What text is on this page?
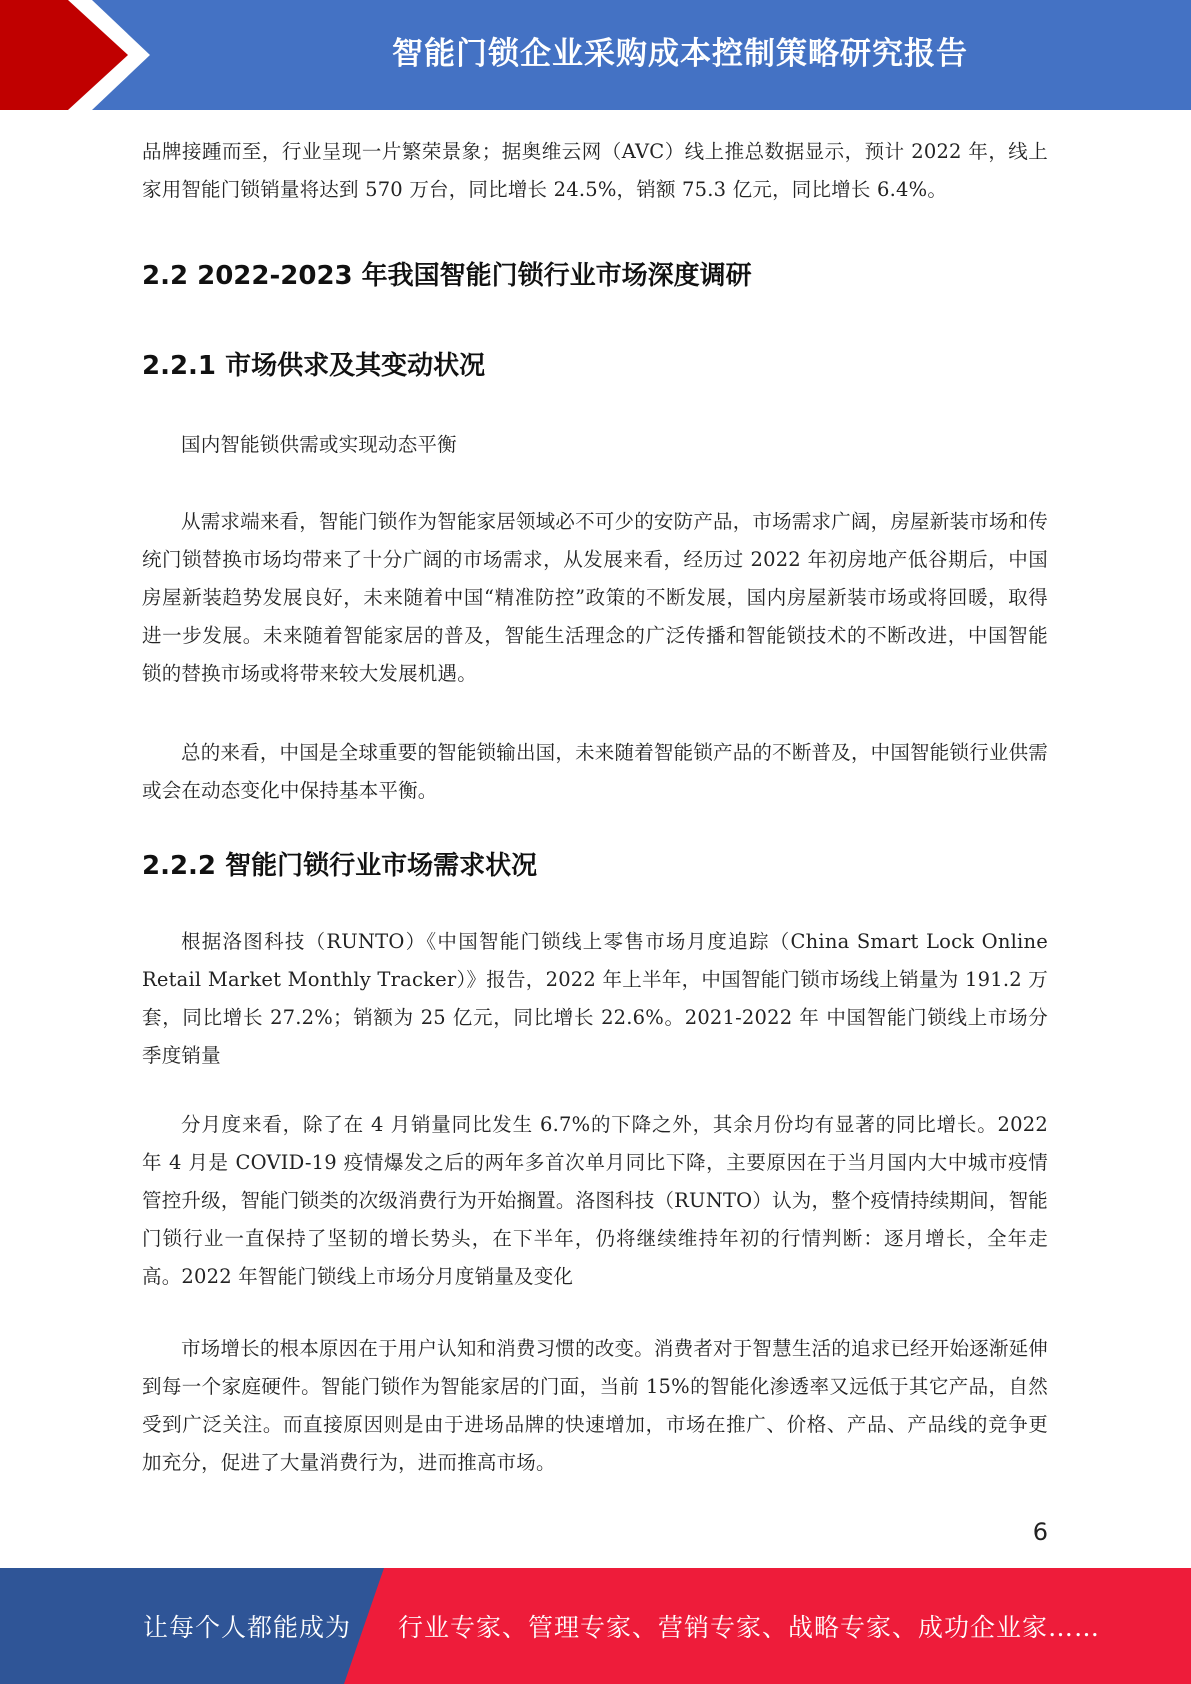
智能门锁企业采购成本控制策略研究报告

品牌接踵而至，行业呈现一片繁荣景象；据奥维云网（AVC）线上推总数据显示，预计 2022 年，线上家用智能门锁销量将达到 570 万台，同比增长 24.5%，销额 75.3 亿元，同比增长 6.4%。

2.2 2022-2023 年我国智能门锁行业市场深度调研
2.2.1 市场供求及其变动状况

国内智能锁供需或实现动态平衡

从需求端来看，智能门锁作为智能家居领域必不可少的安防产品，市场需求广阔，房屋新装市场和传统门锁替换市场均带来了十分广阔的市场需求，从发展来看，经历过 2022 年初房地产低谷期后，中国房屋新装趋势发展良好，未来随着中国“精准防控”政策的不断发展，国内房屋新装市场或将回暖，取得进一步发展。未来随着智能家居的普及，智能生活理念的广泛传播和智能锁技术的不断改进，中国智能锁的替换市场或将带来较大发展机遇。

总的来看，中国是全球重要的智能锁输出国，未来随着智能锁产品的不断普及，中国智能锁行业供需或会在动态变化中保持基本平衡。

2.2.2 智能门锁行业市场需求状况

根据洛图科技（RUNTO）《中国智能门锁线上零售市场月度追踪（China Smart Lock Online Retail Market Monthly Tracker）》报告，2022 年上半年，中国智能门锁市场线上销量为 191.2 万套，同比增长 27.2%；销额为 25 亿元，同比增长 22.6%。2021-2022 年 中国智能门锁线上市场分季度销量

分月度来看，除了在 4 月销量同比发生 6.7%的下降之外，其余月份均有显著的同比增长。2022 年 4 月是 COVID-19 疫情爆发之后的两年多首次单月同比下降，主要原因在于当月国内大中城市疫情管控升级，智能门锁类的次级消费行为开始搁置。洛图科技（RUNTO）认为，整个疫情持续期间，智能门锁行业一直保持了坚韧的增长势头，在下半年，仍将继续维持年初的行情判断：逐月增长，全年走高。2022 年智能门锁线上市场分月度销量及变化

市场增长的根本原因在于用户认知和消费习惯的改变。消费者对于智慧生活的追求已经开始逐渐延伸到每一个家庭硬件。智能门锁作为智能家居的门面，当前 15%的智能化渗透率又远低于其它产品，自然受到广泛关注。而直接原因则是由于进场品牌的快速增加，市场在推广、价格、产品、产品线的竞争更加充分，促进了大量消费行为，进而推高市场。

6
让每个人都能成为 行业专家、管理专家、营销专家、战略专家、成功企业家……
